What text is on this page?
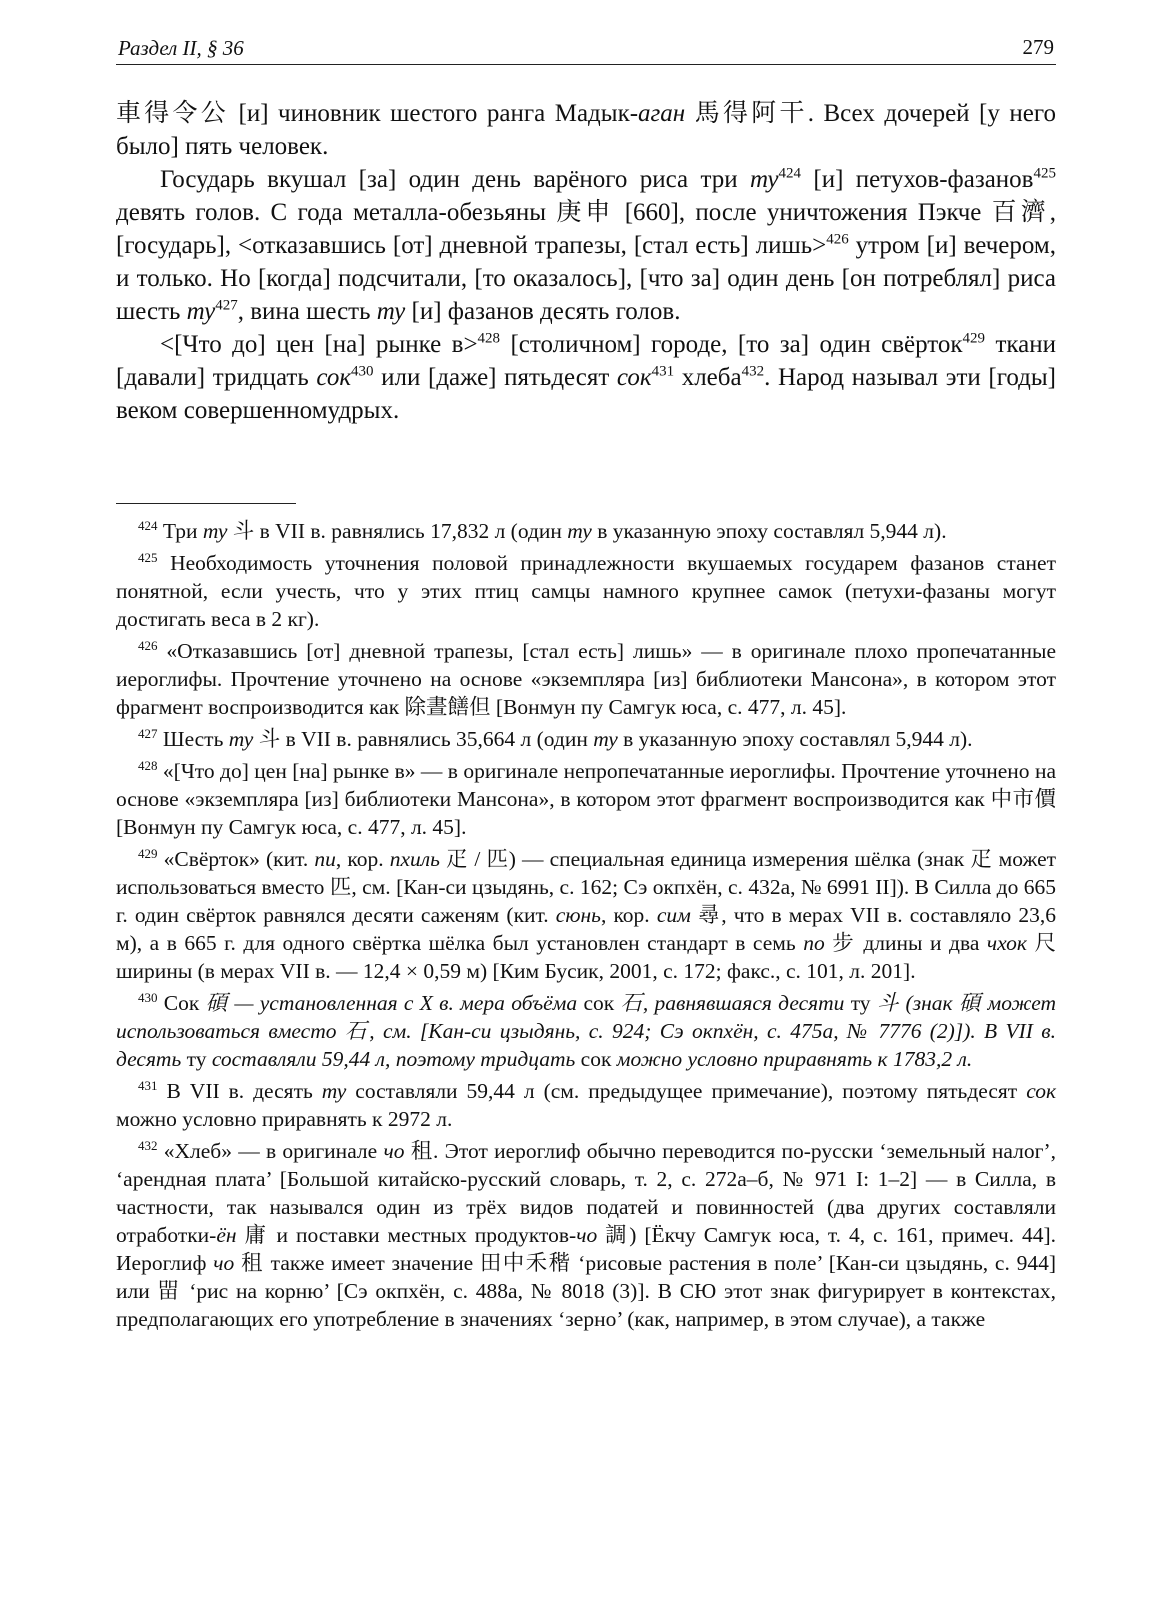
Раздел II, § 36	279

車得令公 [и] чиновник шестого ранга Мадык-аган 馬得阿干. Всех дочерей [у него было] пять человек.

Государь вкушал [за] один день варёного риса три $ту^{424}$ [и] петухов-фазанов$^{425}$ девять голов. С года металла-обезьяны 庚申 [660], после уничтожения Пэкче 百濟, [государь], <отказавшись [от] дневной трапезы, [стал есть] лишь>$^{426}$ утром [и] вечером, и только. Но [когда] подсчитали, [то оказалось], [что за] один день [он потреблял] риса шесть $ту^{427}$, вина шесть ту [и] фазанов десять голов.

<[Что до] цен [на] рынке в>$^{428}$ [столичном] городе, [то за] один свёрток$^{429}$ ткани [давали] тридцать сок$^{430}$ или [даже] пятьдесят сок$^{431}$ хлеба$^{432}$. Народ называл эти [годы] веком совершенномудрых.

$^{424}$ Три ту 斗 в VII в. равнялись 17,832 л (один ту в указанную эпоху составлял 5,944 л).

$^{425}$ Необходимость уточнения половой принадлежности вкушаемых государем фазанов станет понятной, если учесть, что у этих птиц самцы намного крупнее самок (петухи-фазаны могут достигать веса в 2 кг).

$^{426}$ «Отказавшись [от] дневной трапезы, [стал есть] лишь» — в оригинале плохо пропечатанные иероглифы. Прочтение уточнено на основе «экземпляра [из] библиотеки Мансона», в котором этот фрагмент воспроизводится как 除晝饍但 [Вонмун пу Самгук юса, с. 477, л. 45].

$^{427}$ Шесть ту 斗 в VII в. равнялись 35,664 л (один ту в указанную эпоху составлял 5,944 л).

$^{428}$ «[Что до] цен [на] рынке в» — в оригинале непропечатанные иероглифы. Прочтение уточнено на основе «экземпляра [из] библиотеки Мансона», в котором этот фрагмент воспроизводится как 中市價 [Вонмун пу Самгук юса, с. 477, л. 45].

$^{429}$ «Свёрток» (кит. пи, кор. пхиль 疋 / 匹) — специальная единица измерения шёлка (знак 疋 может использоваться вместо 匹, см. [Кан-си цзыдянь, с. 162; Сэ окпхён, с. 432а, № 6991 II]). В Силла до 665 г. один свёрток равнялся десяти саженям (кит. сюнь, кор. сим 尋, что в мерах VII в. составляло 23,6 м), а в 665 г. для одного свёртка шёлка был установлен стандарт в семь по 步 длины и два чхок 尺 ширины (в мерах VII в. — 12,4 × 0,59 м) [Ким Бусик, 2001, с. 172; факс., с. 101, л. 201].

$^{430}$ Сок 碩 — установленная с X в. мера объёма сок 石, равнявшаяся десяти ту 斗 (знак 碩 может использоваться вместо 石, см. [Кан-си цзыдянь, с. 924; Сэ окпхён, с. 475а, № 7776 (2)]). В VII в. десять ту составляли 59,44 л, поэтому тридцать сок можно условно приравнять к 1783,2 л.

$^{431}$ В VII в. десять ту составляли 59,44 л (см. предыдущее примечание), поэтому пятьдесят сок можно условно приравнять к 2972 л.

$^{432}$ «Хлеб» — в оригинале чо 租. Этот иероглиф обычно переводится по-русски ‘земельный налог’, ‘арендная плата’ [Большой китайско-русский словарь, т. 2, с. 272а–б, № 971 I: 1–2] — в Силла, в частности, так назывался один из трёх видов податей и повинностей (два других составляли отработки-ён 庸 и поставки местных продуктов-чо 調) [Ёкчу Самгук юса, т. 4, с. 161, примеч. 44]. Иероглиф чо 租 также имеет значение 田中禾稭 ‘рисовые растения в поле’ [Кан-си цзыдянь, с. 944] или 㽞 ‘рис на корню’ [Сэ окпхён, с. 488а, № 8018 (3)]. В СЮ этот знак фигурирует в контекстах, предполагающих его употребление в значениях ‘зерно’ (как, например, в этом случае), а также
